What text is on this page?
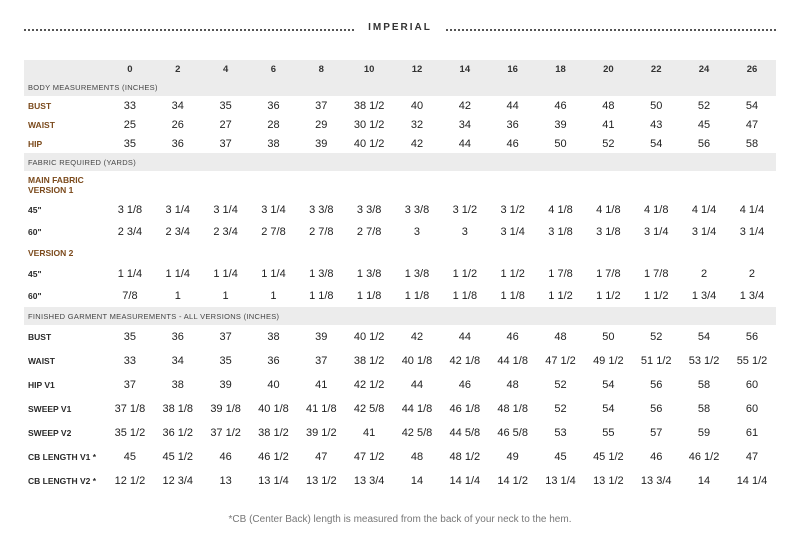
IMPERIAL
	0	2	4	6	8	10	12	14	16	18	20	22	24	26
BODY MEASUREMENTS (INCHES)														
BUST	33	34	35	36	37	38 1/2	40	42	44	46	48	50	52	54
WAIST	25	26	27	28	29	30 1/2	32	34	36	39	41	43	45	47
HIP	35	36	37	38	39	40 1/2	42	44	46	50	52	54	56	58
FABRIC REQUIRED (YARDS)														

MAIN FABRIC
VERSION 1														

45"	3 1/8	3 1/4	3 1/4	3 1/4	3 3/8	3 3/8	3 3/8	3 1/2	3 1/2	4 1/8	4 1/8	4 1/8	4 1/4	4 1/4
60"	2 3/4	2 3/4	2 3/4	2 7/8	2 7/8	2 7/8	3	3	3 1/4	3 1/8	3 1/8	3 1/4	3 1/4	3 1/4
VERSION 2														
45"	1 1/4	1 1/4	1 1/4	1 1/4	1 3/8	1 3/8	1 3/8	1 1/2	1 1/2	1 7/8	1 7/8	1 7/8	2	2
60"	7/8	1	1	1	1 1/8	1 1/8	1 1/8	1 1/8	1 1/8	1 1/2	1 1/2	1 1/2	1 3/4	1 3/4
FINISHED GARMENT MEASUREMENTS - ALL VERSIONS (INCHES)														
BUST	35	36	37	38	39	40 1/2	42	44	46	48	50	52	54	56
WAIST	33	34	35	36	37	38 1/2	40 1/8	42 1/8	44 1/8	47 1/2	49 1/2	51 1/2	53 1/2	55 1/2
HIP V1	37	38	39	40	41	42 1/2	44	46	48	52	54	56	58	60
SWEEP V1	37 1/8	38 1/8	39 1/8	40 1/8	41 1/8	42 5/8	44 1/8	46 1/8	48 1/8	52	54	56	58	60
SWEEP V2	35 1/2	36 1/2	37 1/2	38 1/2	39 1/2	41	42 5/8	44 5/8	46 5/8	53	55	57	59	61
CB LENGTH V1 *	45	45 1/2	46	46 1/2	47	47 1/2	48	48 1/2	49	45	45 1/2	46	46 1/2	47
CB LENGTH V2 *	12 1/2	12 3/4	13	13 1/4	13 1/2	13 3/4	14	14 1/4	14 1/2	13 1/4	13 1/2	13 3/4	14	14 1/4
*CB (Center Back) length is measured from the back of your neck to the hem.
